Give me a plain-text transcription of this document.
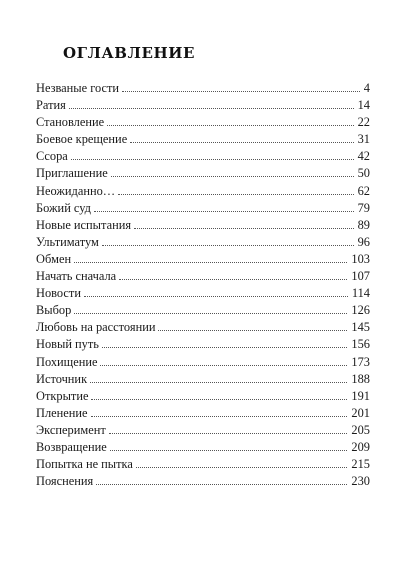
оглавление
Незваные гости	4
Ратия	14
Становление	22
Боевое крещение	31
Ссора	42
Приглашение	50
Неожиданно…	62
Божий суд	79
Новые испытания	89
Ультиматум	96
Обмен	103
Начать сначала	107
Новости	114
Выбор	126
Любовь на расстоянии	145
Новый путь	156
Похищение	173
Источник	188
Открытие	191
Пленение	201
Эксперимент	205
Возвращение	209
Попытка не пытка	215
Пояснения	230
